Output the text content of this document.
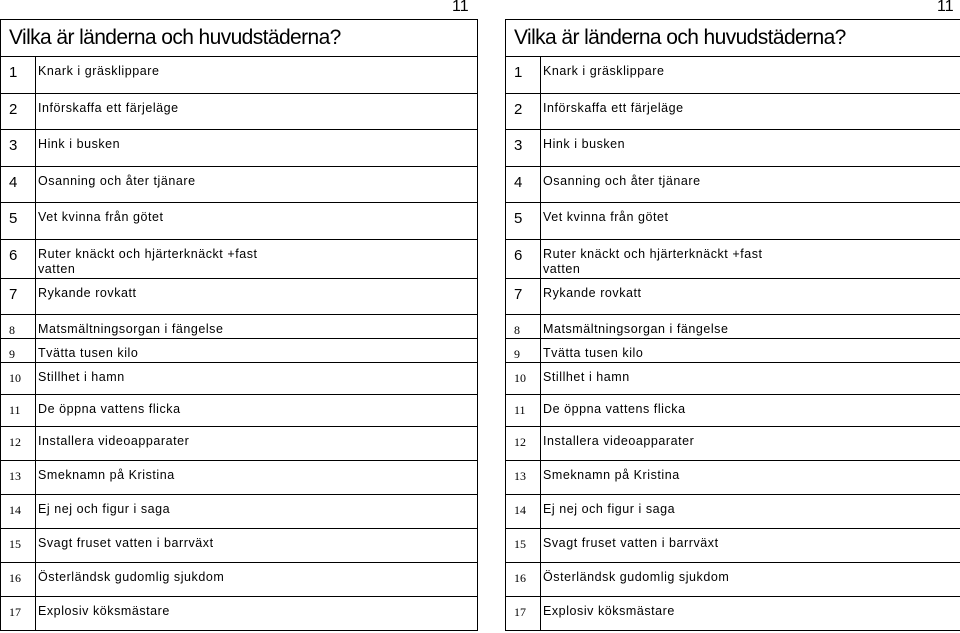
11	11
Vilka är länderna och huvudstäderna?
1	Knark i gräsklippare
2	Införskaffa ett färjeläge
3	Hink i busken
4	Osanning och åter tjänare
5	Vet kvinna från götet
6	Ruter knäckt och hjärterknäckt +fast vatten
7	Rykande rovkatt
8	Matsmältningsorgan i fängelse
9	Tvätta tusen kilo
10	Stillhet i hamn
11	De öppna vattens flicka
12	Installera videoapparater
13	Smeknamn på Kristina
14	Ej nej och figur i saga
15	Svagt fruset vatten i barrväxt
16	Österländsk gudomlig sjukdom
17	Explosiv köksmästare
Vilka är länderna och huvudstäderna?
1	Knark i gräsklippare
2	Införskaffa ett färjeläge
3	Hink i busken
4	Osanning och åter tjänare
5	Vet kvinna från götet
6	Ruter knäckt och hjärterknäckt +fast vatten
7	Rykande rovkatt
8	Matsmältningsorgan i fängelse
9	Tvätta tusen kilo
10	Stillhet i hamn
11	De öppna vattens flicka
12	Installera videoapparater
13	Smeknamn på Kristina
14	Ej nej och figur i saga
15	Svagt fruset vatten i barrväxt
16	Österländsk gudomlig sjukdom
17	Explosiv köksmästare
